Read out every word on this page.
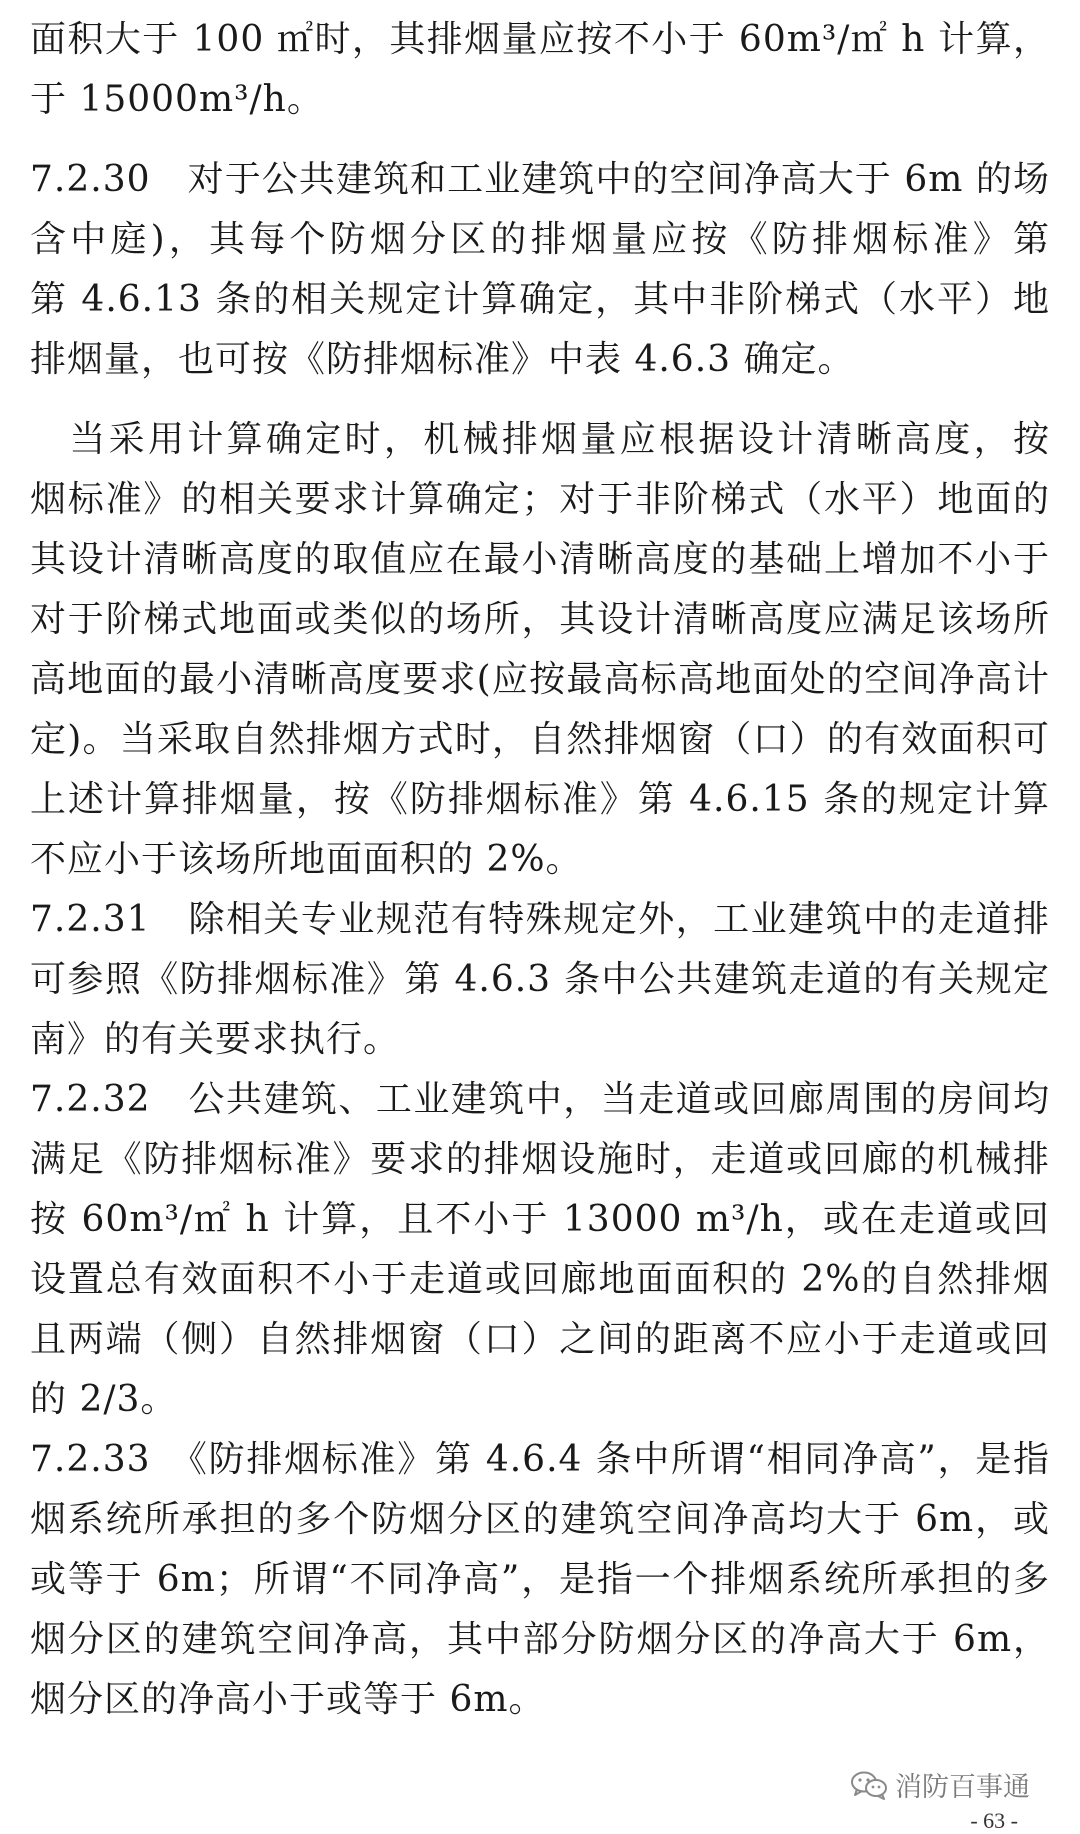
面积大于 100 ㎡时，其排烟量应按不小于 60m³/㎡ h 计算，
于 15000m³/h。
7.2.30　对于公共建筑和工业建筑中的空间净高大于 6m 的场
含中庭)，其每个防烟分区的排烟量应按《防排烟标准》第
第 4.6.13 条的相关规定计算确定，其中非阶梯式（水平）地
排烟量，也可按《防排烟标准》中表 4.6.3 确定。
　当采用计算确定时，机械排烟量应根据设计清晰高度，按
烟标准》的相关要求计算确定；对于非阶梯式（水平）地面的
其设计清晰高度的取值应在最小清晰高度的基础上增加不小于
对于阶梯式地面或类似的场所，其设计清晰高度应满足该场所
高地面的最小清晰高度要求(应按最高标高地面处的空间净高计
定)。当采取自然排烟方式时，自然排烟窗（口）的有效面积可
上述计算排烟量，按《防排烟标准》第 4.6.15 条的规定计算
不应小于该场所地面面积的 2%。
7.2.31　除相关专业规范有特殊规定外，工业建筑中的走道排
可参照《防排烟标准》第 4.6.3 条中公共建筑走道的有关规定
南》的有关要求执行。
7.2.32　公共建筑、工业建筑中，当走道或回廊周围的房间均
满足《防排烟标准》要求的排烟设施时，走道或回廊的机械排
按 60m³/㎡ h 计算，且不小于 13000 m³/h，或在走道或回
设置总有效面积不小于走道或回廊地面面积的 2%的自然排烟
且两端（侧）自然排烟窗（口）之间的距离不应小于走道或回
的 2/3。
7.2.33　《防排烟标准》第 4.6.4 条中所谓“相同净高”，是指
烟系统所承担的多个防烟分区的建筑空间净高均大于 6m，或
或等于 6m；所谓“不同净高”，是指一个排烟系统所承担的多
烟分区的建筑空间净高，其中部分防烟分区的净高大于 6m，
烟分区的净高小于或等于 6m。
消防百事通
- 63 -
